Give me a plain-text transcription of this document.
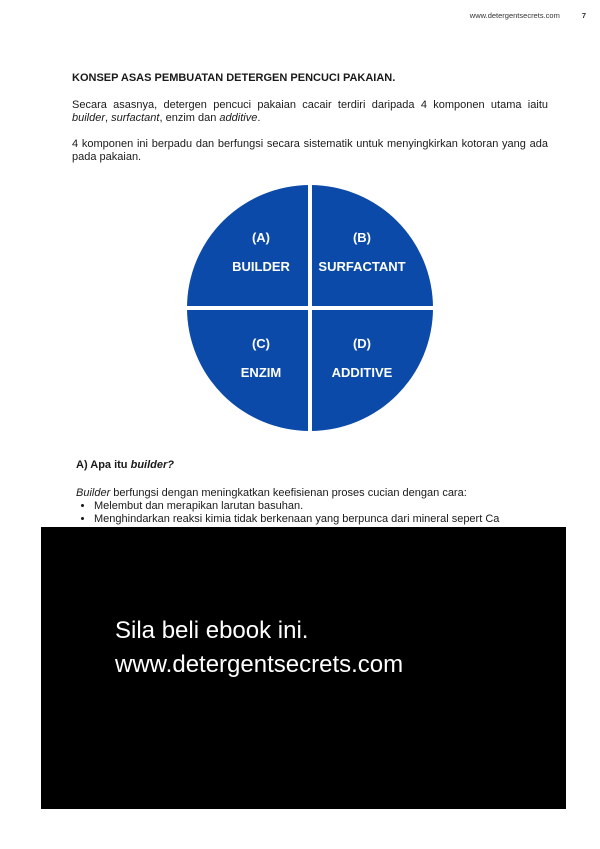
www.detergentsecrets.com	7
KONSEP ASAS PEMBUATAN DETERGEN PENCUCI PAKAIAN.

Secara asasnya, detergen pencuci pakaian cacair terdiri daripada 4 komponen utama iaitu builder, surfactant, enzim dan additive.

4 komponen ini berpadu dan berfungsi secara sistematik untuk menyingkirkan kotoran yang ada pada pakaian.

(A)
BUILDER
(B)
SURFACTANT
(C)
ENZIM
(D)
ADDITIVE
A) Apa itu builder?

Builder berfungsi dengan meningkatkan keefisienan proses cucian dengan cara:

• Melembut dan merapikan larutan basuhan.
• Menghindarkan reaksi kimia tidak berkenaan yang berpunca dari mineral sepert Ca
Sila beli ebook ini.
www.detergentsecrets.com
